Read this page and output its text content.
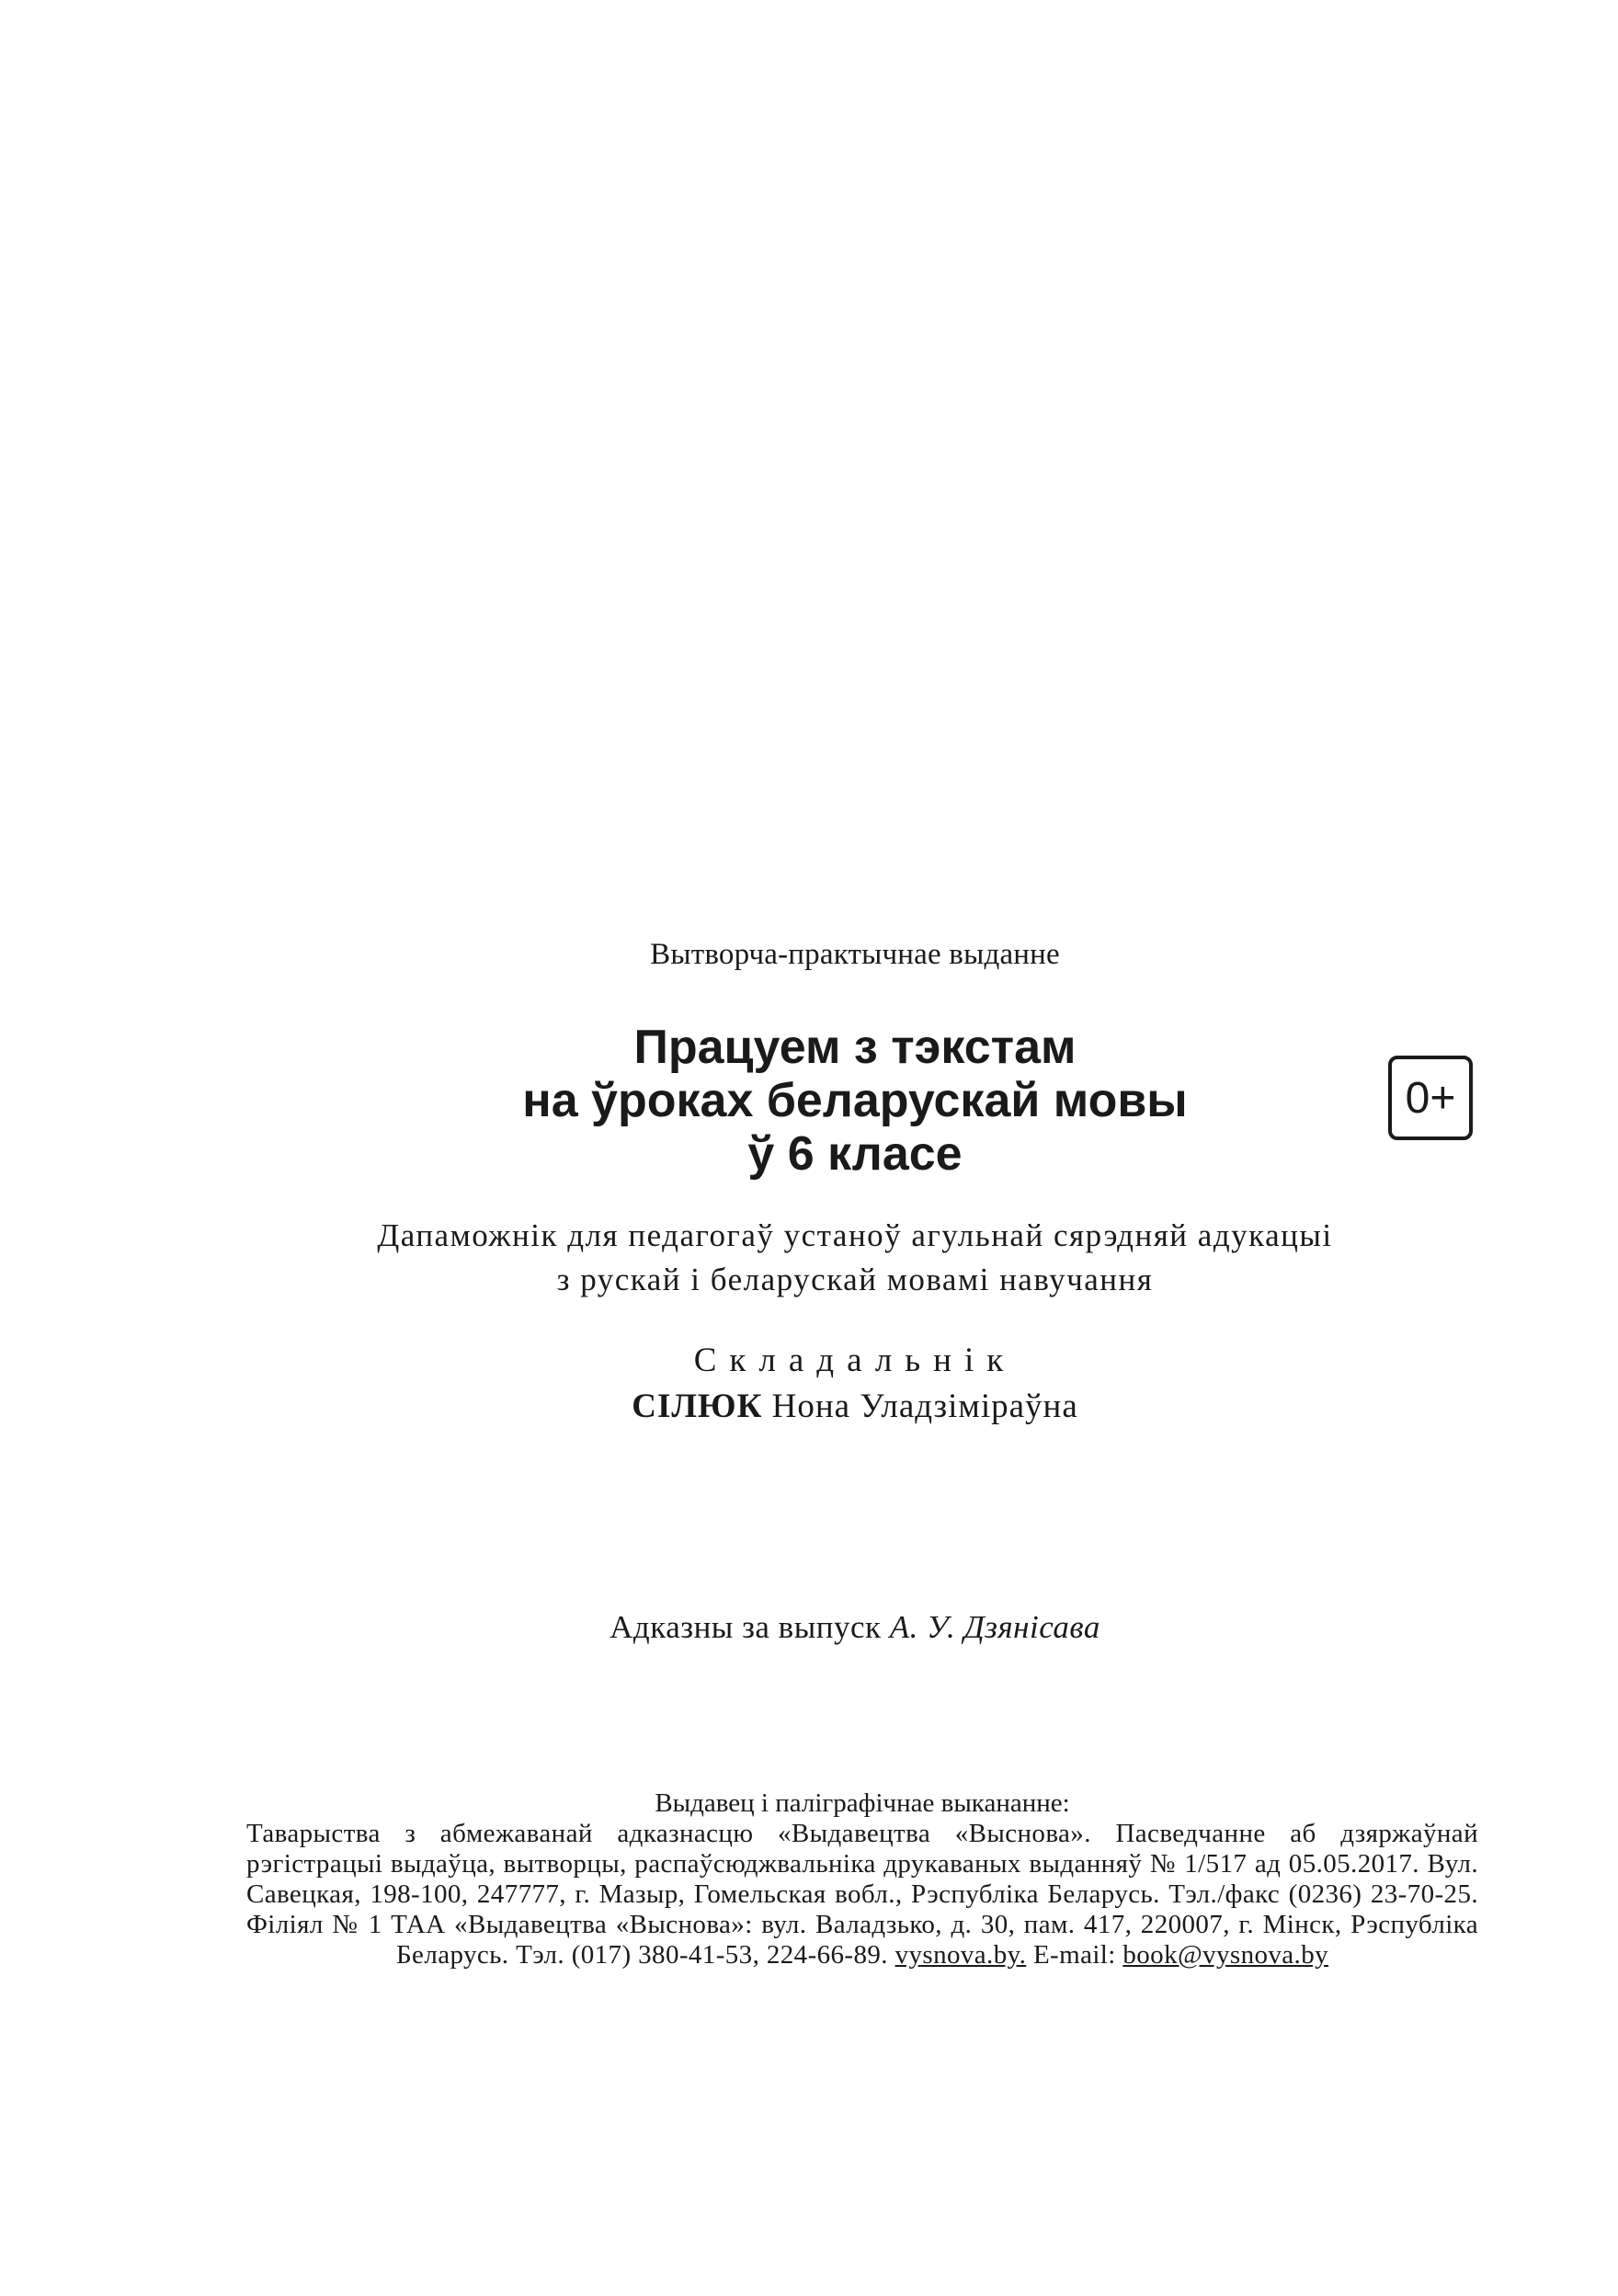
Вытворча-практычнае выданне
Працуем з тэкстам
на ўроках беларускай мовы
ў 6 класе
0+
Дапаможнік для педагогаў устаноў агульнай сярэдняй адукацыі
з рускай і беларускай мовамі навучання
Складальнік
СІЛЮК Нона Уладзіміраўна
Адказны за выпуск А. У. Дзянісава
Выдавец і паліграфічнае выкананне:
Таварыства з абмежаванай адказнасцю «Выдавецтва «Выснова». Пасведчанне аб дзяржаўнай рэгістрацыі выдаўца, вытворцы, распаўсюджвальніка друкаваных выданняў № 1/517 ад 05.05.2017. Вул. Савецкая, 198-100, 247777, г. Мазыр, Гомельская вобл., Рэспубліка Беларусь. Тэл./факс (0236) 23-70-25. Філіял № 1 ТАА «Выдавецтва «Выснова»: вул. Валадзько, д. 30, пам. 417, 220007, г. Мінск, Рэспубліка Беларусь. Тэл. (017) 380-41-53, 224-66-89. vysnova.by. E-mail: book@vysnova.by
